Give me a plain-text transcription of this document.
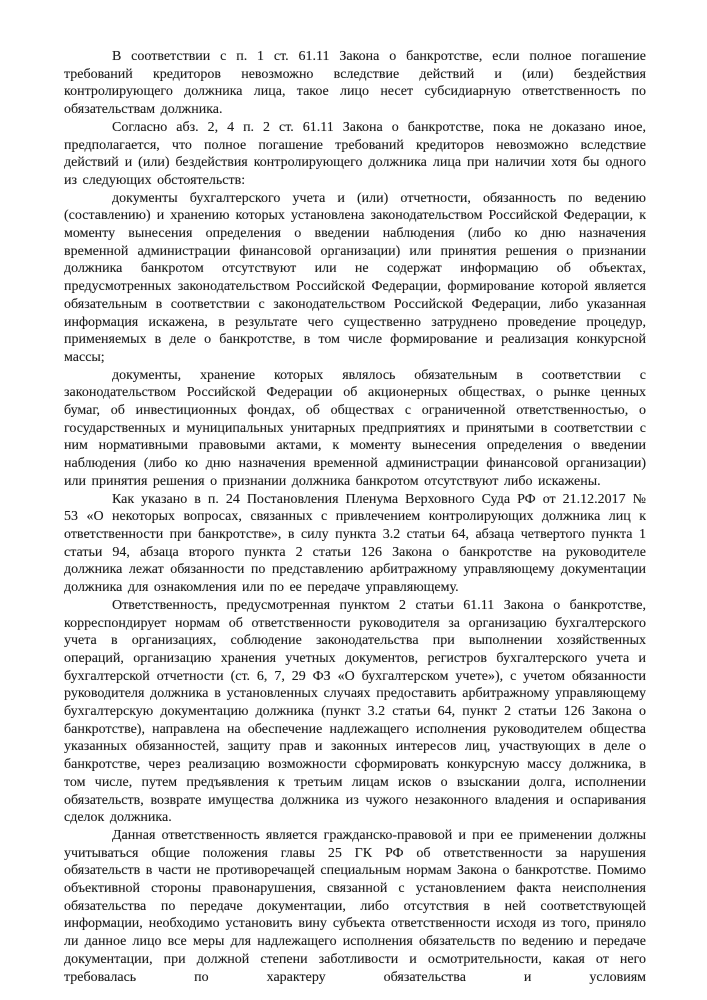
В соответствии с п. 1 ст. 61.11 Закона о банкротстве, если полное погашение требований кредиторов невозможно вследствие действий и (или) бездействия контролирующего должника лица, такое лицо несет субсидиарную ответственность по обязательствам должника.

Согласно абз. 2, 4 п. 2 ст. 61.11 Закона о банкротстве, пока не доказано иное, предполагается, что полное погашение требований кредиторов невозможно вследствие действий и (или) бездействия контролирующего должника лица при наличии хотя бы одного из следующих обстоятельств:

документы бухгалтерского учета и (или) отчетности, обязанность по ведению (составлению) и хранению которых установлена законодательством Российской Федерации, к моменту вынесения определения о введении наблюдения (либо ко дню назначения временной администрации финансовой организации) или принятия решения о признании должника банкротом отсутствуют или не содержат информацию об объектах, предусмотренных законодательством Российской Федерации, формирование которой является обязательным в соответствии с законодательством Российской Федерации, либо указанная информация искажена, в результате чего существенно затруднено проведение процедур, применяемых в деле о банкротстве, в том числе формирование и реализация конкурсной массы;

документы, хранение которых являлось обязательным в соответствии с законодательством Российской Федерации об акционерных обществах, о рынке ценных бумаг, об инвестиционных фондах, об обществах с ограниченной ответственностью, о государственных и муниципальных унитарных предприятиях и принятыми в соответствии с ним нормативными правовыми актами, к моменту вынесения определения о введении наблюдения (либо ко дню назначения временной администрации финансовой организации) или принятия решения о признании должника банкротом отсутствуют либо искажены.

Как указано в п. 24 Постановления Пленума Верховного Суда РФ от 21.12.2017 № 53 «О некоторых вопросах, связанных с привлечением контролирующих должника лиц к ответственности при банкротстве», в силу пункта 3.2 статьи 64, абзаца четвертого пункта 1 статьи 94, абзаца второго пункта 2 статьи 126 Закона о банкротстве на руководителе должника лежат обязанности по представлению арбитражному управляющему документации должника для ознакомления или по ее передаче управляющему.

Ответственность, предусмотренная пунктом 2 статьи 61.11 Закона о банкротстве, корреспондирует нормам об ответственности руководителя за организацию бухгалтерского учета в организациях, соблюдение законодательства при выполнении хозяйственных операций, организацию хранения учетных документов, регистров бухгалтерского учета и бухгалтерской отчетности (ст. 6, 7, 29 ФЗ «О бухгалтерском учете»), с учетом обязанности руководителя должника в установленных случаях предоставить арбитражному управляющему бухгалтерскую документацию должника (пункт 3.2 статьи 64, пункт 2 статьи 126 Закона о банкротстве), направлена на обеспечение надлежащего исполнения руководителем общества указанных обязанностей, защиту прав и законных интересов лиц, участвующих в деле о банкротстве, через реализацию возможности сформировать конкурсную массу должника, в том числе, путем предъявления к третьим лицам исков о взыскании долга, исполнении обязательств, возврате имущества должника из чужого незаконного владения и оспаривания сделок должника.

Данная ответственность является гражданско-правовой и при ее применении должны учитываться общие положения главы 25 ГК РФ об ответственности за нарушения обязательств в части не противоречащей специальным нормам Закона о банкротстве. Помимо объективной стороны правонарушения, связанной с установлением факта неисполнения обязательства по передаче документации, либо отсутствия в ней соответствующей информации, необходимо установить вину субъекта ответственности исходя из того, приняло ли данное лицо все меры для надлежащего исполнения обязательств по ведению и передаче документации, при должной степени заботливости и осмотрительности, какая от него требовалась по характеру обязательства и условиям
